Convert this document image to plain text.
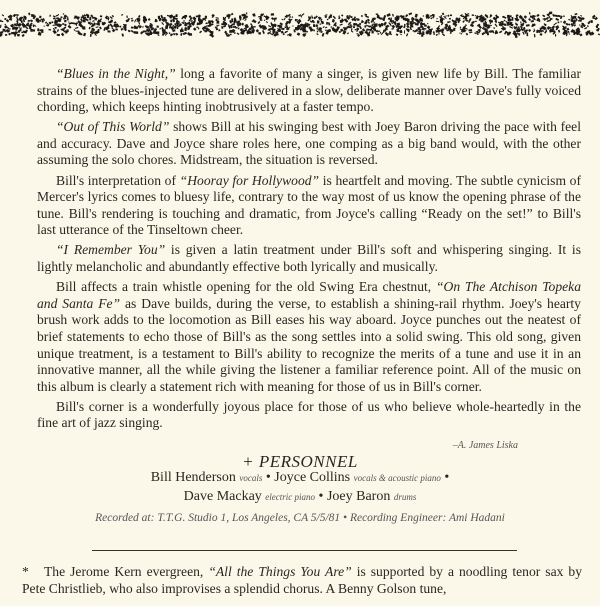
“Blues in the Night,” long a favorite of many a singer, is given new life by Bill. The familiar strains of the blues-injected tune are delivered in a slow, deliberate manner over Dave's fully voiced chording, which keeps hinting inobtrusively at a faster tempo.

“Out of This World” shows Bill at his swinging best with Joey Baron driving the pace with feel and accuracy. Dave and Joyce share roles here, one comping as a big band would, with the other assuming the solo chores. Midstream, the situation is reversed.

Bill's interpretation of “Hooray for Hollywood” is heartfelt and moving. The subtle cynicism of Mercer's lyrics comes to bluesy life, contrary to the way most of us know the opening phrase of the tune. Bill's rendering is touching and dramatic, from Joyce's calling “Ready on the set!” to Bill's last utterance of the Tinseltown cheer.

“I Remember You” is given a latin treatment under Bill's soft and whispering singing. It is lightly melancholic and abundantly effective both lyrically and musically.

Bill affects a train whistle opening for the old Swing Era chestnut, “On The Atchison Topeka and Santa Fe” as Dave builds, during the verse, to establish a shining-rail rhythm. Joey's hearty brush work adds to the locomotion as Bill eases his way aboard. Joyce punches out the neatest of brief statements to echo those of Bill's as the song settles into a solid swing. This old song, given unique treatment, is a testament to Bill's ability to recognize the merits of a tune and use it in an innovative manner, all the while giving the listener a familiar reference point. All of the music on this album is clearly a statement rich with meaning for those of us in Bill's corner.

Bill's corner is a wonderfully joyous place for those of us who believe whole-heartedly in the fine art of jazz singing.

–A. James Liska
+ PERSONNEL
Bill Henderson vocals • Joyce Collins vocals & acoustic piano •
Dave Mackay electric piano • Joey Baron drums
Recorded at: T.T.G. Studio 1, Los Angeles, CA 5/5/81 • Recording Engineer: Ami Hadani
* The Jerome Kern evergreen, “All the Things You Are” is supported by a noodling tenor sax by Pete Christlieb, who also improvises a splendid chorus. A Benny Golson tune,
